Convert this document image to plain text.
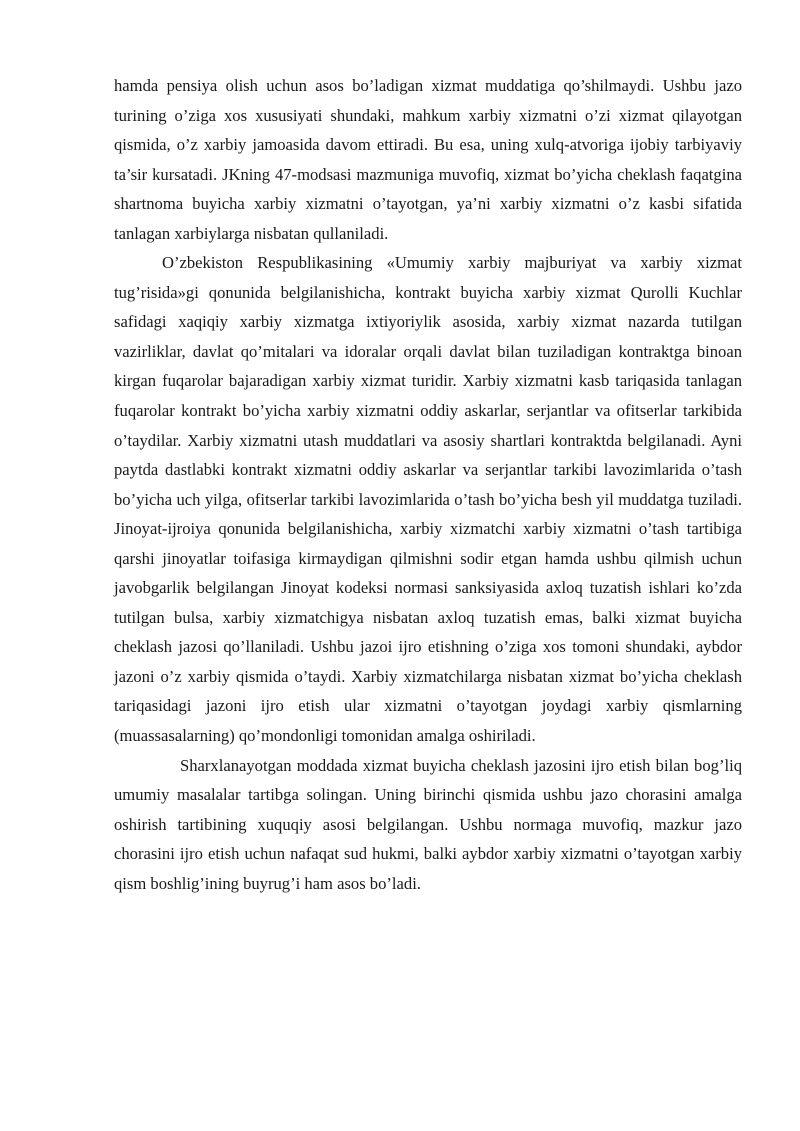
hamda pensiya olish uchun asos bo’ladigan xizmat muddatiga qo’shilmaydi. Ushbu jazo turining o’ziga xos xususiyati shundaki, mahkum xarbiy xizmatni o’zi xizmat qilayotgan qismida, o’z xarbiy jamoasida davom ettiradi. Bu esa, uning xulq-atvoriga ijobiy tarbiyaviy ta’sir kursatadi. JKning 47-modsasi mazmuniga muvofiq, xizmat bo’yicha cheklash faqatgina shartnoma buyicha xarbiy xizmatni o’tayotgan, ya’ni xarbiy xizmatni o’z kasbi sifatida tanlagan xarbiylarga nisbatan qullaniladi.

O’zbekiston Respublikasining «Umumiy xarbiy majburiyat va xarbiy xizmat tug’risida»gi qonunida belgilanishicha, kontrakt buyicha xarbiy xizmat Qurolli Kuchlar safidagi xaqiqiy xarbiy xizmatga ixtiyoriylik asosida, xarbiy xizmat nazarda tutilgan vazirliklar, davlat qo’mitalari va idoralar orqali davlat bilan tuziladigan kontraktga binoan kirgan fuqarolar bajaradigan xarbiy xizmat turidir. Xarbiy xizmatni kasb tariqasida tanlagan fuqarolar kontrakt bo’yicha xarbiy xizmatni oddiy askarlar, serjantlar va ofitserlar tarkibida o’taydilar. Xarbiy xizmatni utash muddatlari va asosiy shartlari kontraktda belgilanadi. Ayni paytda dastlabki kontrakt xizmatni oddiy askarlar va serjantlar tarkibi lavozimlarida o’tash bo’yicha uch yilga, ofitserlar tarkibi lavozimlarida o’tash bo’yicha besh yil muddatga tuziladi. Jinoyat-ijroiya qonunida belgilanishicha, xarbiy xizmatchi xarbiy xizmatni o’tash tartibiga qarshi jinoyatlar toifasiga kirmaydigan qilmishni sodir etgan hamda ushbu qilmish uchun javobgarlik belgilangan Jinoyat kodeksi normasi sanksiyasida axloq tuzatish ishlari ko’zda tutilgan bulsa, xarbiy xizmatchigya nisbatan axloq tuzatish emas, balki xizmat buyicha cheklash jazosi qo’llaniladi. Ushbu jazoi ijro etishning o’ziga xos tomoni shundaki, aybdor jazoni o’z xarbiy qismida o’taydi. Xarbiy xizmatchilarga nisbatan xizmat bo’yicha cheklash tariqasidagi jazoni ijro etish ular xizmatni o’tayotgan joydagi xarbiy qismlarning (muassasalarning) qo’mondonligi tomonidan amalga oshiriladi.

Sharxlanayotgan moddada xizmat buyicha cheklash jazosini ijro etish bilan bog’liq umumiy masalalar tartibga solingan. Uning birinchi qismida ushbu jazo chorasini amalga oshirish tartibining xuquqiy asosi belgilangan. Ushbu normaga muvofiq, mazkur jazo chorasini ijro etish uchun nafaqat sud hukmi, balki aybdor xarbiy xizmatni o’tayotgan xarbiy qism boshlig’ining buyrug’i ham asos bo’ladi.
